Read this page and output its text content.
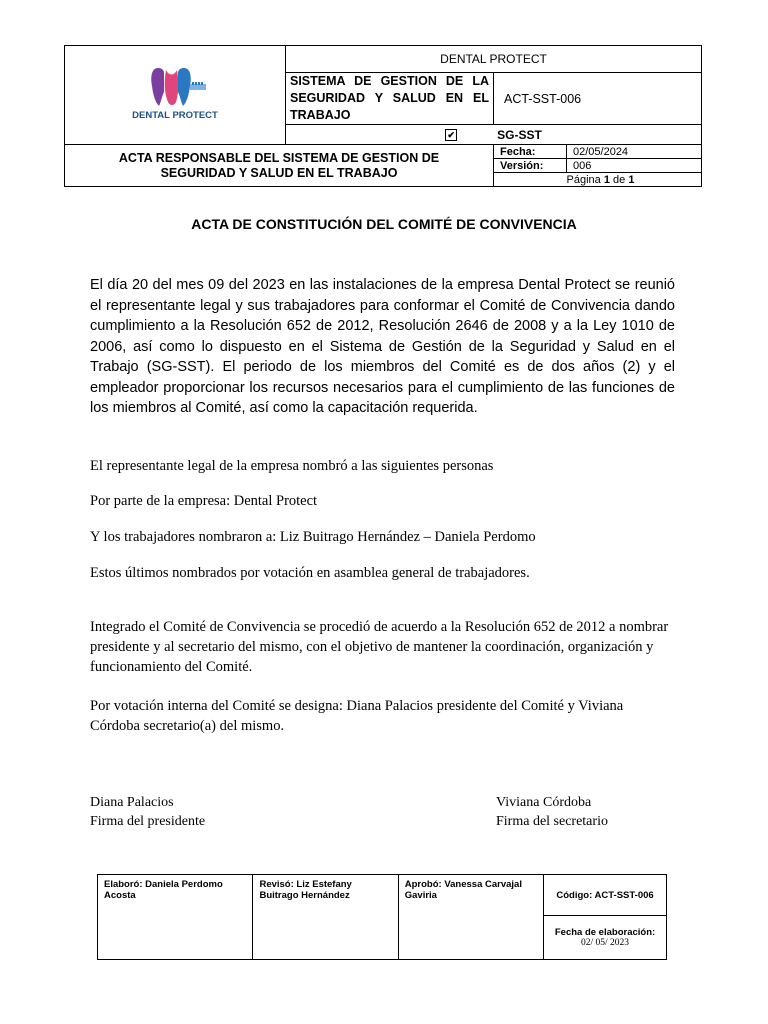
DENTAL PROTECT
	DENTAL PROTECT
SISTEMA DE GESTION DE LA SEGURIDAD Y SALUD EN EL TRABAJO	ACT-SST-006
✔	SG-SST

ACTA RESPONSABLE DEL SISTEMA DE GESTION DE SEGURIDAD Y SALUD EN EL TRABAJO

Fecha:	02/05/2024
Versión:	006
Página 1 de 1
ACTA DE CONSTITUCIÓN DEL COMITÉ DE CONVIVENCIA

El día 20 del mes 09 del 2023 en las instalaciones de la empresa Dental Protect se reunió el representante legal y sus trabajadores para conformar el Comité de Convivencia dando cumplimiento a la Resolución 652 de 2012, Resolución 2646 de 2008 y a la Ley 1010 de 2006, así como lo dispuesto en el Sistema de Gestión de la Seguridad y Salud en el Trabajo (SG-SST). El periodo de los miembros del Comité es de dos años (2) y el empleador proporcionar los recursos necesarios para el cumplimiento de las funciones de los miembros al Comité, así como la capacitación requerida.

El representante legal de la empresa nombró a las siguientes personas

Por parte de la empresa: Dental Protect

Y los trabajadores nombraron a: Liz Buitrago Hernández – Daniela Perdomo

Estos últimos nombrados por votación en asamblea general de trabajadores.

Integrado el Comité de Convivencia se procedió de acuerdo a la Resolución 652 de 2012 a nombrar presidente y al secretario del mismo, con el objetivo de mantener la coordinación, organización y funcionamiento del Comité.

Por votación interna del Comité se designa: Diana Palacios presidente del Comité y Viviana Córdoba secretario(a) del mismo.

Diana Palacios
Firma del presidente
Viviana Córdoba
Firma del secretario
Elaboró: Daniela Perdomo Acosta	Revisó: Liz Estefany Buitrago Hernández	Aprobó: Vanessa Carvajal Gaviria		Código: ACT-SST-006

Fecha de elaboración:
02/ 05/ 2023
